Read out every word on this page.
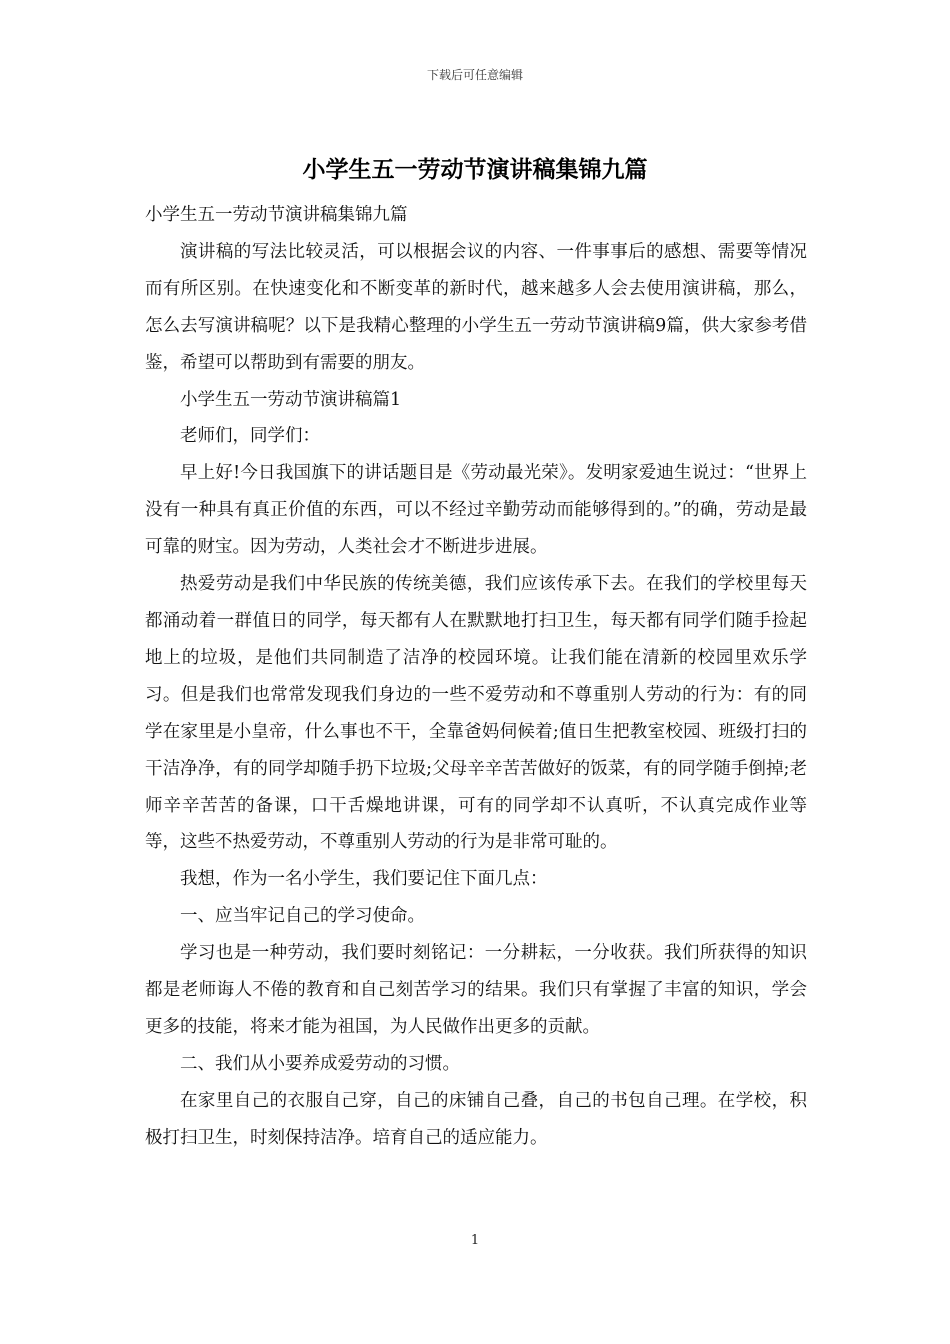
下载后可任意编辑
小学生五一劳动节演讲稿集锦九篇

小学生五一劳动节演讲稿集锦九篇

演讲稿的写法比较灵活，可以根据会议的内容、一件事事后的感想、需要等情况而有所区别。在快速变化和不断变革的新时代，越来越多人会去使用演讲稿，那么，怎么去写演讲稿呢？以下是我精心整理的小学生五一劳动节演讲稿9篇，供大家参考借鉴，希望可以帮助到有需要的朋友。

小学生五一劳动节演讲稿篇1

老师们，同学们：

早上好!今日我国旗下的讲话题目是《劳动最光荣》。发明家爱迪生说过：“世界上没有一种具有真正价值的东西，可以不经过辛勤劳动而能够得到的。”的确，劳动是最可靠的财宝。因为劳动，人类社会才不断进步进展。

热爱劳动是我们中华民族的传统美德，我们应该传承下去。在我们的学校里每天都涌动着一群值日的同学，每天都有人在默默地打扫卫生，每天都有同学们随手捡起地上的垃圾，是他们共同制造了洁净的校园环境。让我们能在清新的校园里欢乐学习。但是我们也常常发现我们身边的一些不爱劳动和不尊重别人劳动的行为：有的同学在家里是小皇帝，什么事也不干，全靠爸妈伺候着;值日生把教室校园、班级打扫的干洁净净，有的同学却随手扔下垃圾;父母辛辛苦苦做好的饭菜，有的同学随手倒掉;老师辛辛苦苦的备课，口干舌燥地讲课，可有的同学却不认真听，不认真完成作业等等，这些不热爱劳动，不尊重别人劳动的行为是非常可耻的。

我想，作为一名小学生，我们要记住下面几点：

一、应当牢记自己的学习使命。

学习也是一种劳动，我们要时刻铭记：一分耕耘，一分收获。我们所获得的知识都是老师诲人不倦的教育和自己刻苦学习的结果。我们只有掌握了丰富的知识，学会更多的技能，将来才能为祖国，为人民做作出更多的贡献。

二、我们从小要养成爱劳动的习惯。

在家里自己的衣服自己穿，自己的床铺自己叠，自己的书包自己理。在学校，积极打扫卫生，时刻保持洁净。培育自己的适应能力。

1
